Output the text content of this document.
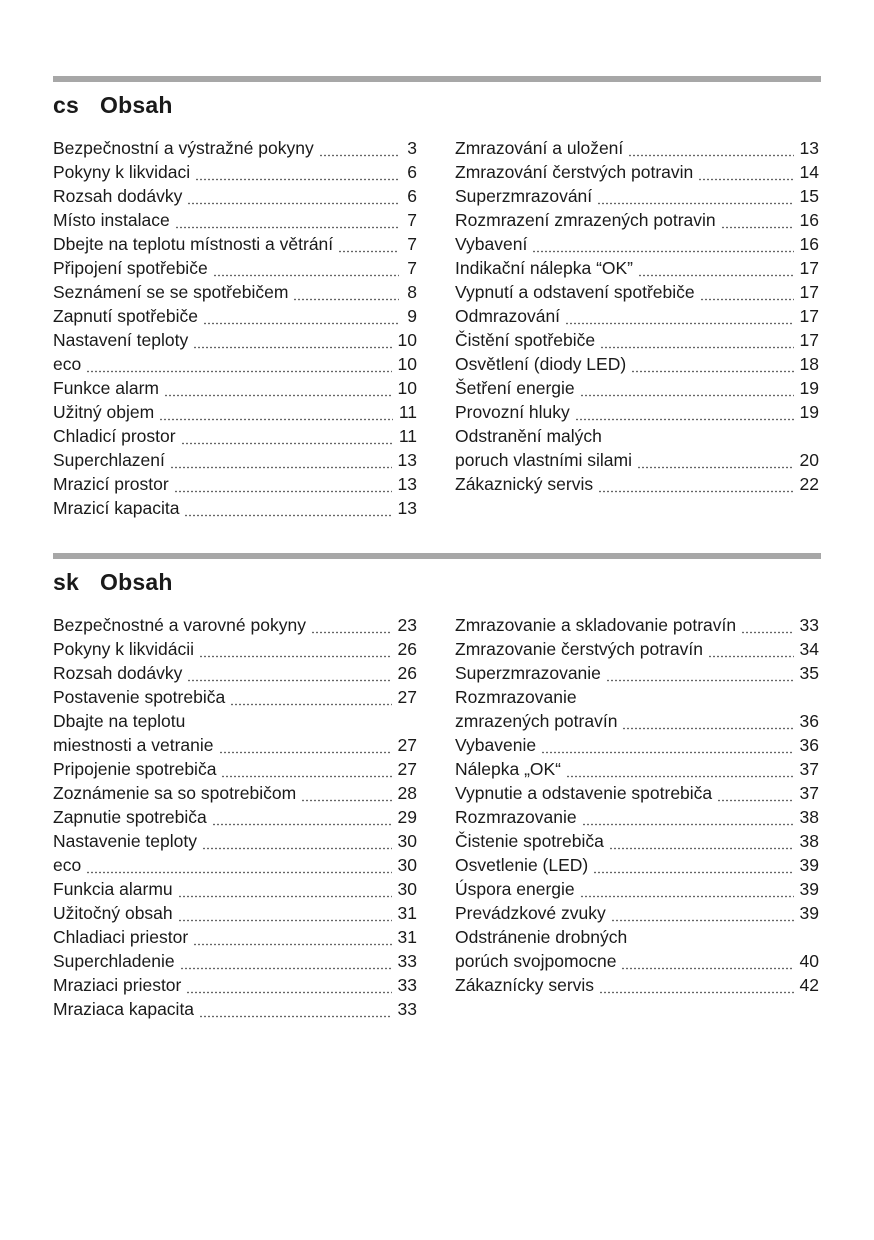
cs Obsah
Bezpečnostní a výstražné pokyny	3
Pokyny k likvidaci	6
Rozsah dodávky	6
Místo instalace	7
Dbejte na teplotu místnosti a větrání	7
Připojení spotřebiče	7
Seznámení se se spotřebičem	8
Zapnutí spotřebiče	9
Nastavení teploty	10
eco	10
Funkce alarm	10
Užitný objem	11
Chladicí prostor	11
Superchlazení	13
Mrazicí prostor	13
Mrazicí kapacita	13
Zmrazování a uložení	13
Zmrazování čerstvých potravin	14
Superzmrazování	15
Rozmrazení zmrazených potravin	16
Vybavení	16
Indikační nálepka “OK”	17
Vypnutí a odstavení spotřebiče	17
Odmrazování	17
Čistění spotřebiče	17
Osvětlení (diody LED)	18
Šetření energie	19
Provozní hluky	19
Odstranění malých
poruch vlastními silami	20
Zákaznický servis	22
sk Obsah
Bezpečnostné a varovné pokyny	23
Pokyny k likvidácii	26
Rozsah dodávky	26
Postavenie spotrebiča	27
Dbajte na teplotu
miestnosti a vetranie	27
Pripojenie spotrebiča	27
Zoznámenie sa so spotrebičom	28
Zapnutie spotrebiča	29
Nastavenie teploty	30
eco	30
Funkcia alarmu	30
Užitočný obsah	31
Chladiaci priestor	31
Superchladenie	33
Mraziaci priestor	33
Mraziaca kapacita	33
Zmrazovanie a skladovanie potravín	33
Zmrazovanie čerstvých potravín	34
Superzmrazovanie	35
Rozmrazovanie
zmrazených potravín	36
Vybavenie	36
Nálepka „OK“	37
Vypnutie a odstavenie spotrebiča	37
Rozmrazovanie	38
Čistenie spotrebiča	38
Osvetlenie (LED)	39
Úspora energie	39
Prevádzkové zvuky	39
Odstránenie drobných
porúch svojpomocne	40
Zákaznícky servis	42
